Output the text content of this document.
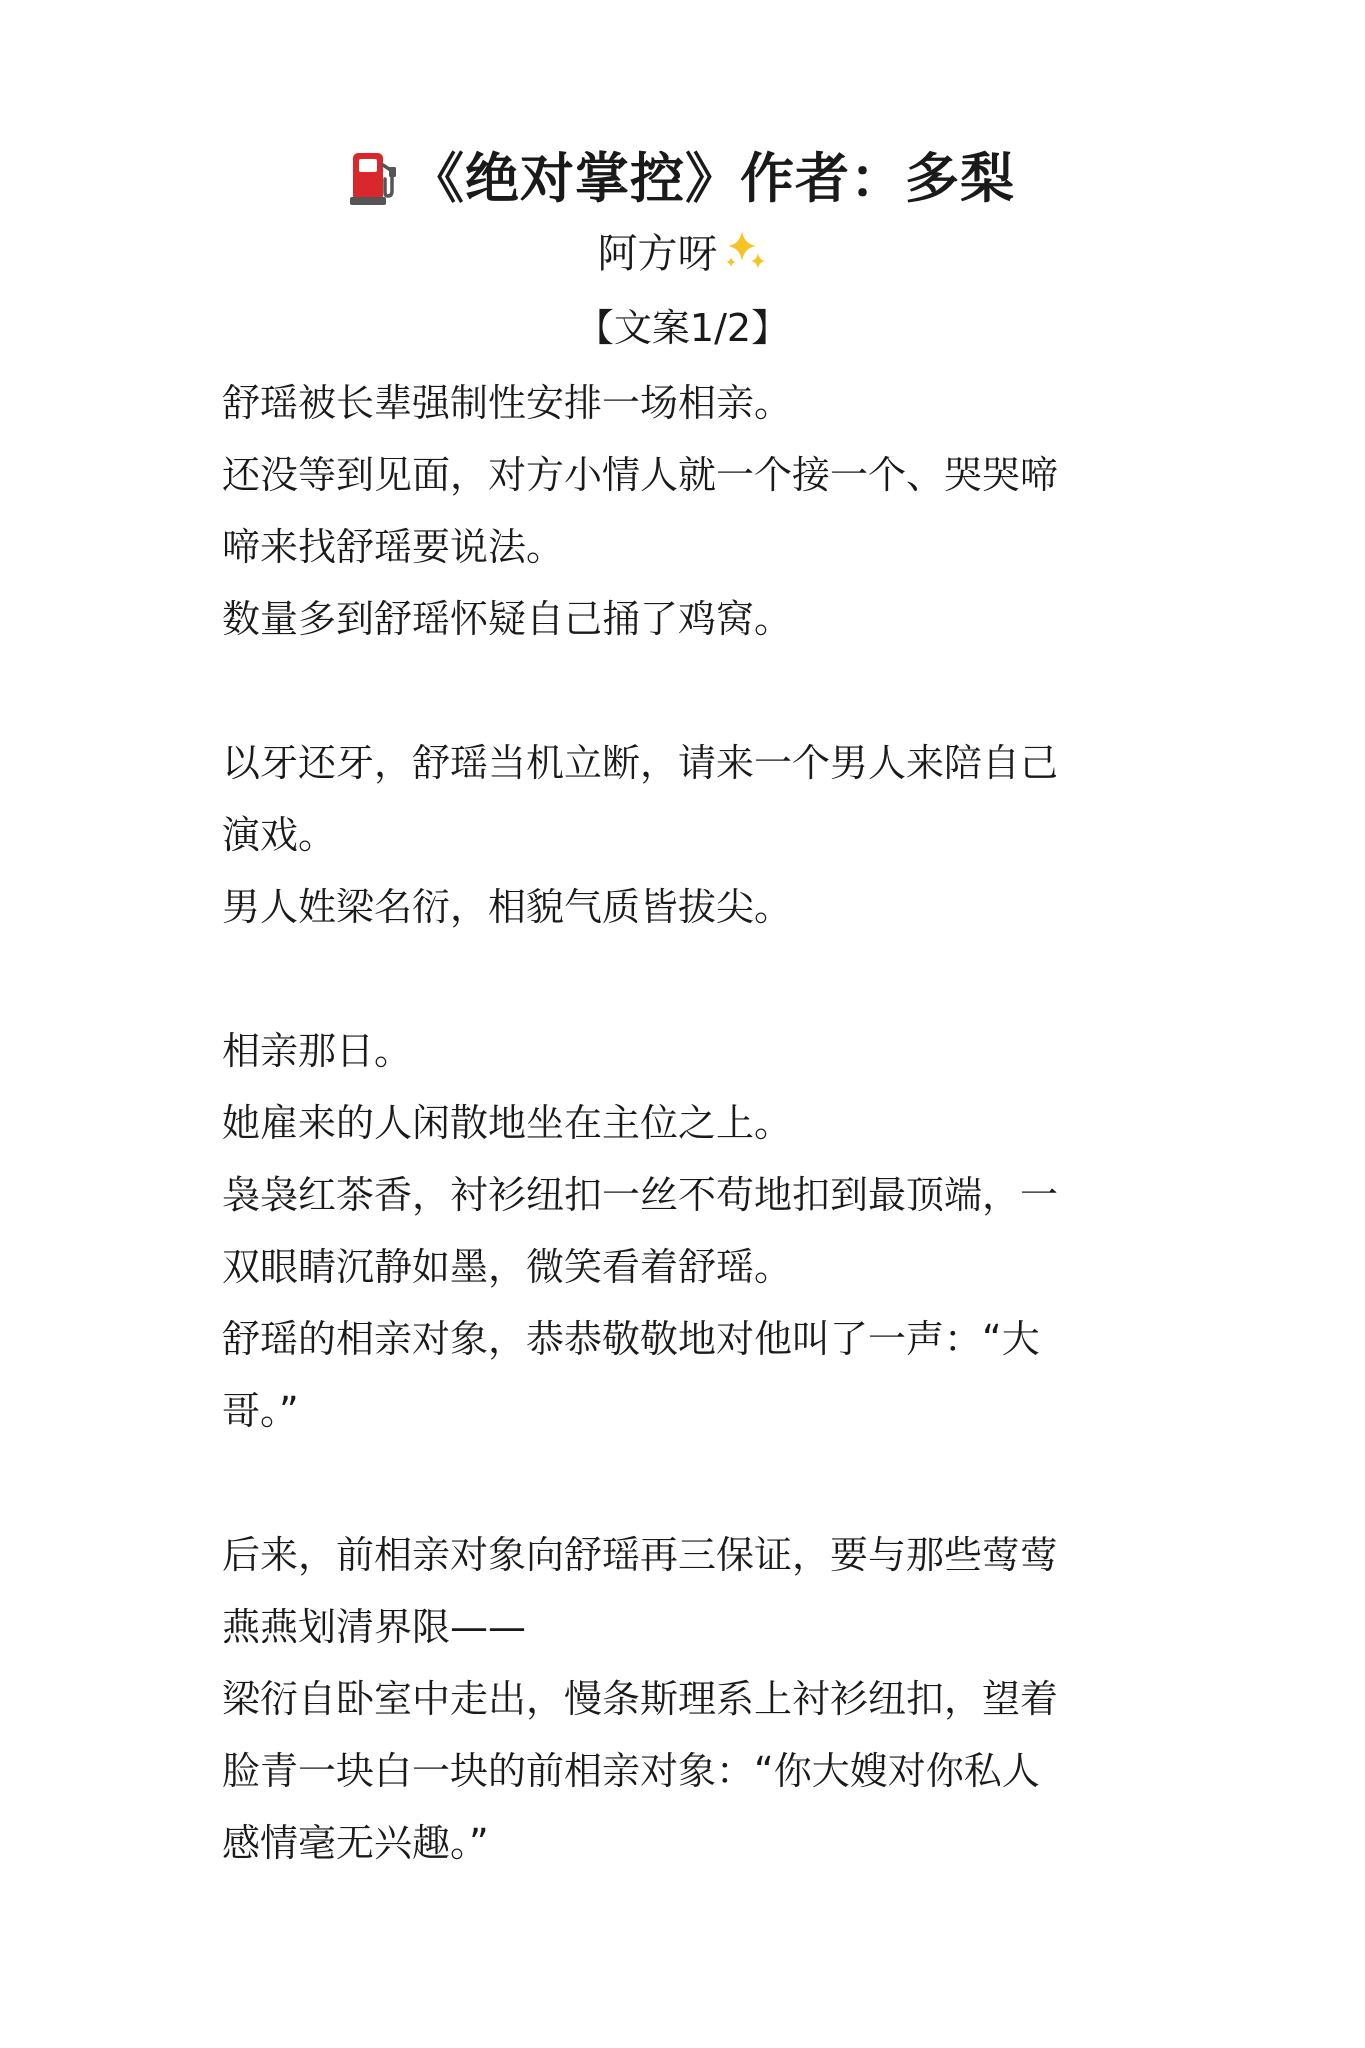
《绝对掌控》作者：多梨
阿方呀
【文案1/2】
舒瑶被长辈强制性安排一场相亲。
还没等到见面，对方小情人就一个接一个、哭哭啼
啼来找舒瑶要说法。
数量多到舒瑶怀疑自己捅了鸡窝。
以牙还牙，舒瑶当机立断，请来一个男人来陪自己
演戏。
男人姓梁名衍，相貌气质皆拔尖。
相亲那日。
她雇来的人闲散地坐在主位之上。
袅袅红茶香，衬衫纽扣一丝不苟地扣到最顶端，一
双眼睛沉静如墨，微笑看着舒瑶。
舒瑶的相亲对象，恭恭敬敬地对他叫了一声：“大
哥。”
后来，前相亲对象向舒瑶再三保证，要与那些莺莺
燕燕划清界限——
梁衍自卧室中走出，慢条斯理系上衬衫纽扣，望着
脸青一块白一块的前相亲对象：“你大嫂对你私人
感情毫无兴趣。”
